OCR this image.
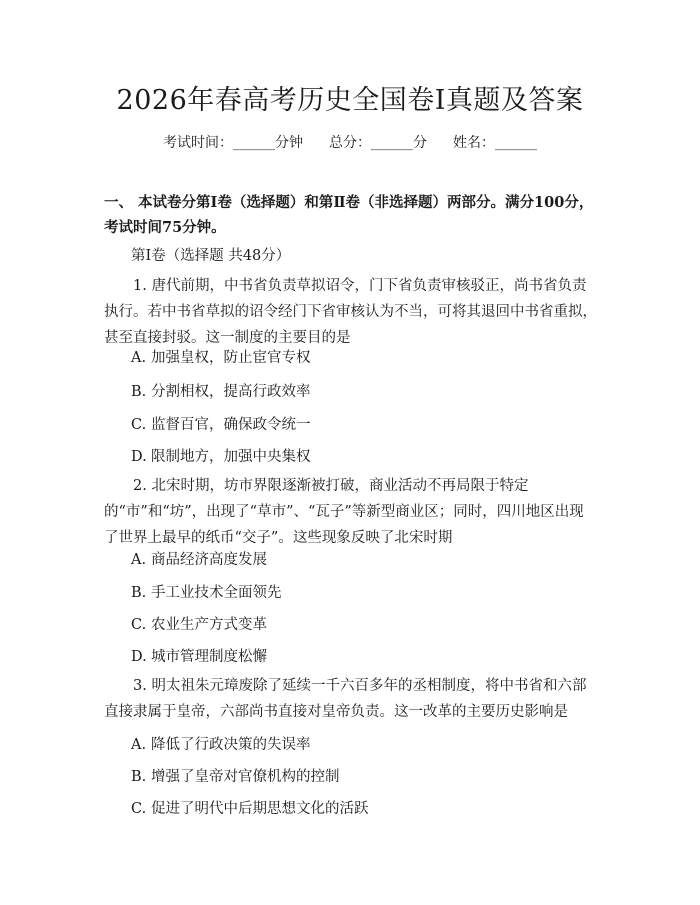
2026年春高考历史全国卷Ⅰ真题及答案
考试时间：______分钟 总分：______分 姓名：______
一、 本试卷分第Ⅰ卷（选择题）和第Ⅱ卷（非选择题）两部分。满分100分，考试时间75分钟。
第Ⅰ卷（选择题 共48分）
1. 唐代前期，中书省负责草拟诏令，门下省负责审核驳正，尚书省负责执行。若中书省草拟的诏令经门下省审核认为不当，可将其退回中书省重拟，甚至直接封驳。这一制度的主要目的是
A. 加强皇权，防止宦官专权
B. 分割相权，提高行政效率
C. 监督百官，确保政令统一
D. 限制地方，加强中央集权
2. 北宋时期，坊市界限逐渐被打破，商业活动不再局限于特定的“市”和“坊”，出现了“草市”、“瓦子”等新型商业区；同时，四川地区出现了世界上最早的纸币“交子”。这些现象反映了北宋时期
A. 商品经济高度发展
B. 手工业技术全面领先
C. 农业生产方式变革
D. 城市管理制度松懈
3. 明太祖朱元璋废除了延续一千六百多年的丞相制度，将中书省和六部直接隶属于皇帝，六部尚书直接对皇帝负责。这一改革的主要历史影响是
A. 降低了行政决策的失误率
B. 增强了皇帝对官僚机构的控制
C. 促进了明代中后期思想文化的活跃
